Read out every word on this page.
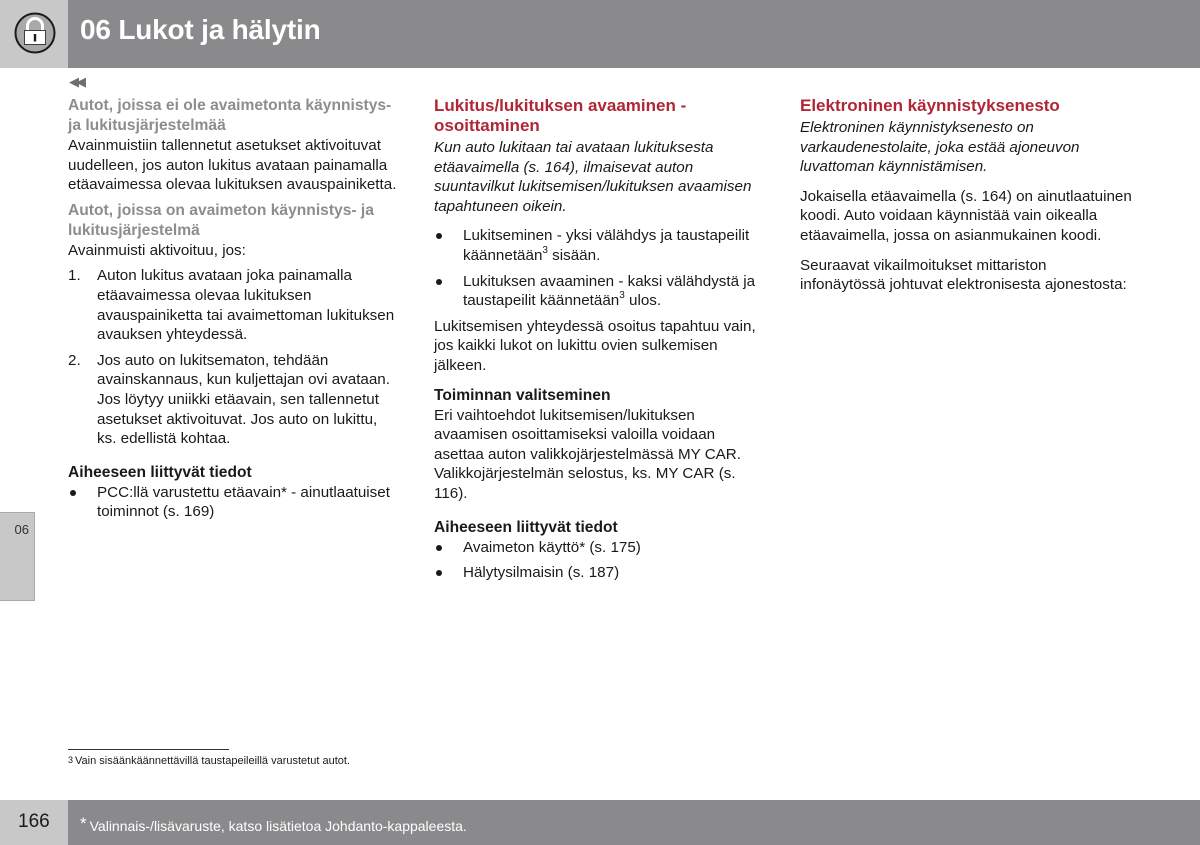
06 Lukot ja hälytin
◀◀
Autot, joissa ei ole avaimetonta käynnistys- ja lukitusjärjestelmää

Avainmuistiin tallennetut asetukset aktivoituvat uudelleen, jos auton lukitus avataan painamalla etäavaimessa olevaa lukituksen avauspainiketta.

Autot, joissa on avaimeton käynnistys- ja lukitusjärjestelmä

Avainmuisti aktivoituu, jos:

1. Auton lukitus avataan joka painamalla etäavaimessa olevaa lukituksen avauspainiketta tai avaimettoman lukituksen avauksen yhteydessä.
2. Jos auto on lukitsematon, tehdään avainskannaus, kun kuljettajan ovi avataan. Jos löytyy uniikki etäavain, sen tallennetut asetukset aktivoituvat. Jos auto on lukittu, ks. edellistä kohtaa.
Aiheeseen liittyvät tiedot
PCC:llä varustettu etäavain* - ainutlaatuiset toiminnot (s. 169)
Lukitus/lukituksen avaaminen - osoittaminen

Kun auto lukitaan tai avataan lukituksesta etäavaimella (s. 164), ilmaisevat auton suuntavilkut lukitsemisen/lukituksen avaamisen tapahtuneen oikein.

Lukitseminen - yksi välähdys ja taustapeilit käännetään$^3$ sisään.
Lukituksen avaaminen - kaksi välähdystä ja taustapeilit käännetään$^3$ ulos.

Lukitsemisen yhteydessä osoitus tapahtuu vain, jos kaikki lukot on lukittu ovien sulkemisen jälkeen.

Toiminnan valitseminen

Eri vaihtoehdot lukitsemisen/lukituksen avaamisen osoittamiseksi valoilla voidaan asettaa auton valikkojärjestelmässä MY CAR. Valikkojärjestelmän selostus, ks. MY CAR (s. 116).

Aiheeseen liittyvät tiedot
Avaimeton käyttö* (s. 175)
Hälytysilmaisin (s. 187)
Elektroninen käynnistyksenesto

Elektroninen käynnistyksenesto on varkaudenestolaite, joka estää ajoneuvon luvattoman käynnistämisen.

Jokaisella etäavaimella (s. 164) on ainutlaatuinen koodi. Auto voidaan käynnistää vain oikealla etäavaimella, jossa on asianmukainen koodi.

Seuraavat vikailmoitukset mittariston infonäytössä johtuvat elektronisesta ajonestosta:

06
3 Vain sisäänkäännettävillä taustapeileillä varustetut autot.
166 * Valinnais-/lisävaruste, katso lisätietoa Johdanto-kappaleesta.
